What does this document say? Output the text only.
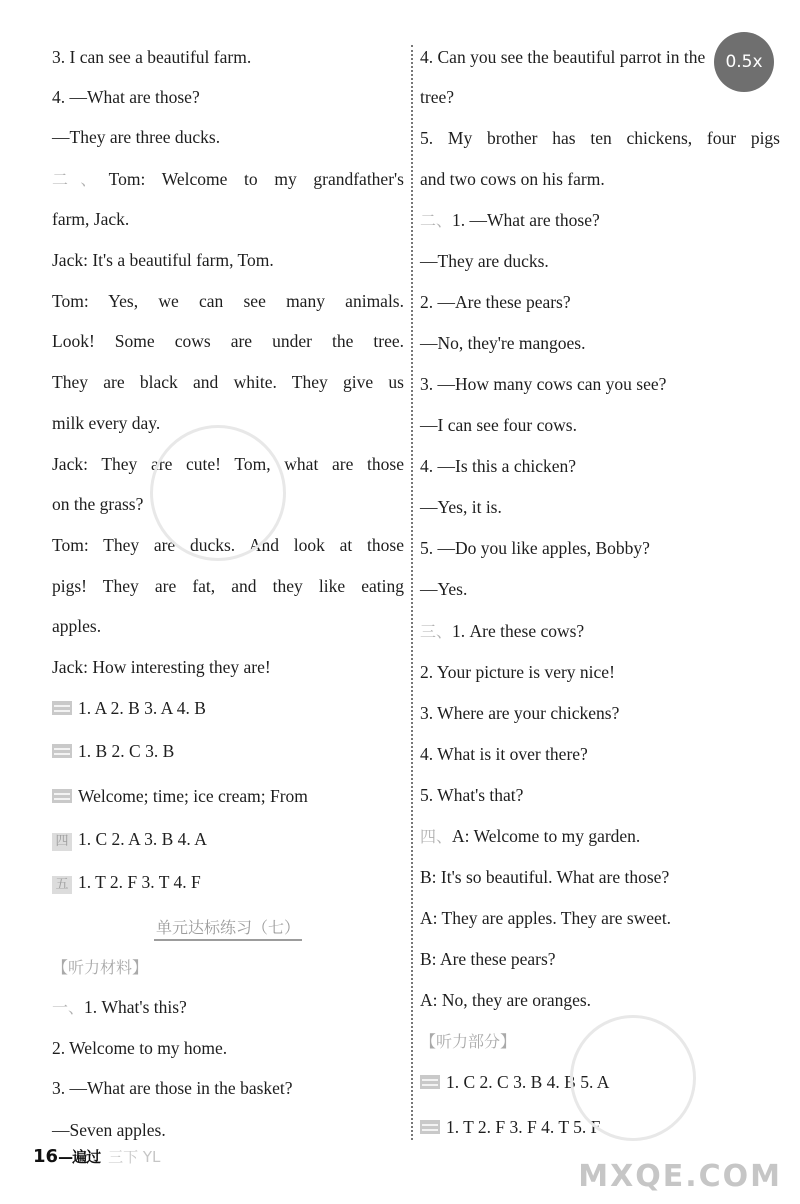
单元达标练习（七）
【听力材料】
一、1. What's this?
3. I can see a beautiful farm.
4. —What are those?
—They are three ducks.
二、Tom: Welcome to my grandfather's
farm, Jack.
Jack: It's a beautiful farm, Tom.
Tom: Yes, we can see many animals.
Look! Some cows are under the tree.
They are black and white. They give us
milk every day.
Jack: They are cute! Tom, what are those
on the grass?
Tom: They are ducks. And look at those
pigs! They are fat, and they like eating
apples.
Jack: How interesting they are!
1. A 2. B 3. A 4. B
1. B 2. C 3. B
Welcome; time; ice cream; From
四 1. C 2. A 3. B 4. A
五 1. T 2. F 3. T 4. F
2. Welcome to my home.
3. —What are those in the basket?
—Seven apples.
【听力部分】
4. Can you see the beautiful parrot in the
tree?
5. My brother has ten chickens, four pigs
and two cows on his farm.
二、1. —What are those?
—They are ducks.
2. —Are these pears?
—No, they're mangoes.
3. —How many cows can you see?
—I can see four cows.
4. —Is this a chicken?
—Yes, it is.
5. —Do you like apples, Bobby?
—Yes.
三、1. Are these cows?
2. Your picture is very nice!
3. Where are your chickens?
4. What is it over there?
5. What's that?
四、A: Welcome to my garden.
B: It's so beautiful. What are those?
A: They are apples. They are sweet.
B: Are these pears?
A: No, they are oranges.
1. C 2. C 3. B 4. B 5. A
1. T 2. F 3. F 4. T 5. F
0.5x
16—遍过 三下 YL
MXQE.COM
